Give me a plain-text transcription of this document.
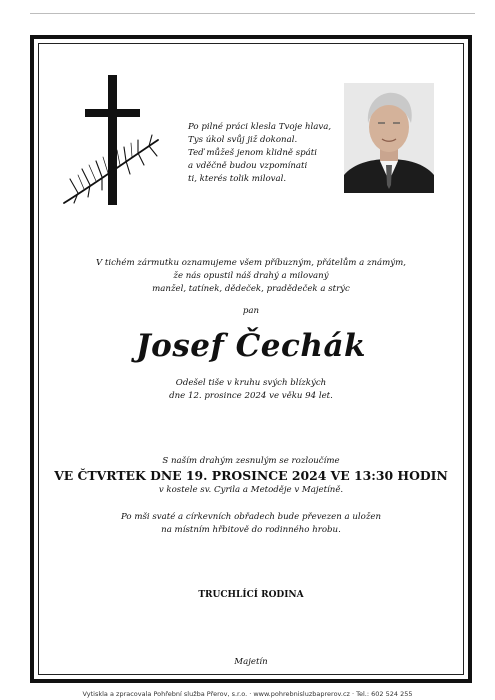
Po pilné práci klesla Tvoje hlava,
Tys úkol svůj již dokonal.
Teď můžeš jenom klidně spáti
a vděčně budou vzpomínati
ti, kterés tolik miloval.
V tichém zármutku oznamujeme všem příbuzným, přátelům a známým,
že nás opustil náš drahý a milovaný
manžel, tatínek, dědeček, pradědeček a strýc
pan
Josef Čechák
Odešel tiše v kruhu svých blízkých
dne 12. prosince 2024 ve věku 94 let.
S naším drahým zesnulým se rozloučíme
VE ČTVRTEK DNE 19. PROSINCE 2024 VE 13:30 HODIN
v kostele sv. Cyrila a Metoděje v Majetíně.
Po mši svaté a církevních obřadech bude převezen a uložen
na místním hřbitově do rodinného hrobu.
TRUCHLÍCÍ RODINA
Majetín
Vytiskla a zpracovala Pohřební služba Přerov, s.r.o. · www.pohrebnisluzbaprerov.cz · Tel.: 602 524 255
